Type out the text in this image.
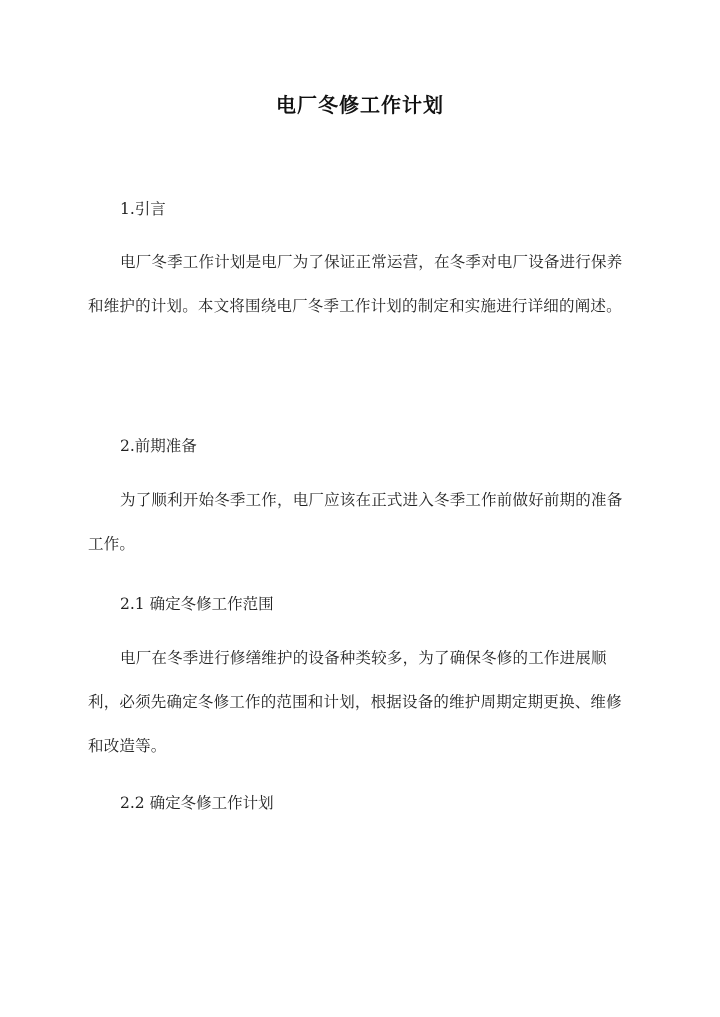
电厂冬修工作计划
1.引言
电厂冬季工作计划是电厂为了保证正常运营，在冬季对电厂设备进行保养和维护的计划。本文将围绕电厂冬季工作计划的制定和实施进行详细的阐述。
2.前期准备
为了顺利开始冬季工作，电厂应该在正式进入冬季工作前做好前期的准备工作。
2.1 确定冬修工作范围
电厂在冬季进行修缮维护的设备种类较多，为了确保冬修的工作进展顺利，必须先确定冬修工作的范围和计划，根据设备的维护周期定期更换、维修和改造等。
2.2 确定冬修工作计划
